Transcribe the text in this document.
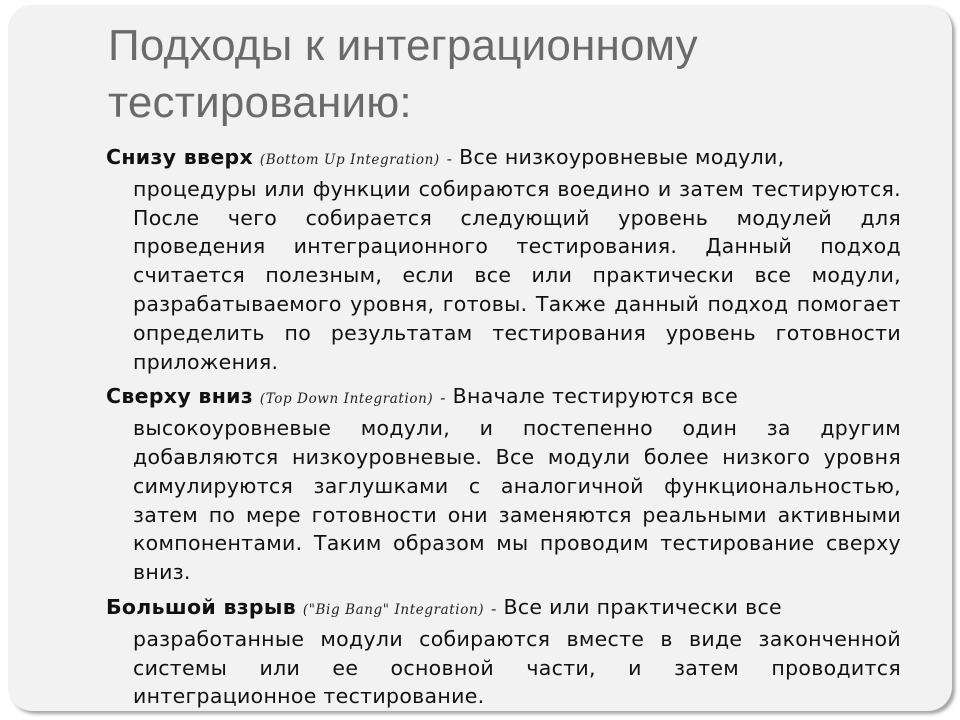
Подходы к интеграционному тестированию:
Снизу вверх (Bottom Up Integration) - Все низкоуровневые модули,
процедуры или функции собираются воедино и затем тестируются. После чего собирается следующий уровень модулей для проведения интеграционного тестирования. Данный подход считается полезным, если все или практически все модули, разрабатываемого уровня, готовы. Также данный подход помогает определить по результатам тестирования уровень готовности приложения.
Сверху вниз (Top Down Integration) - Вначале тестируются все
высокоуровневые модули, и постепенно один за другим добавляются низкоуровневые. Все модули более низкого уровня симулируются заглушками с аналогичной функциональностью, затем по мере готовности они заменяются реальными активными компонентами. Таким образом мы проводим тестирование сверху вниз.
Большой взрыв ("Big Bang" Integration) - Все или практически все
разработанные модули собираются вместе в виде законченной системы или ее основной части, и затем проводится интеграционное тестирование.
